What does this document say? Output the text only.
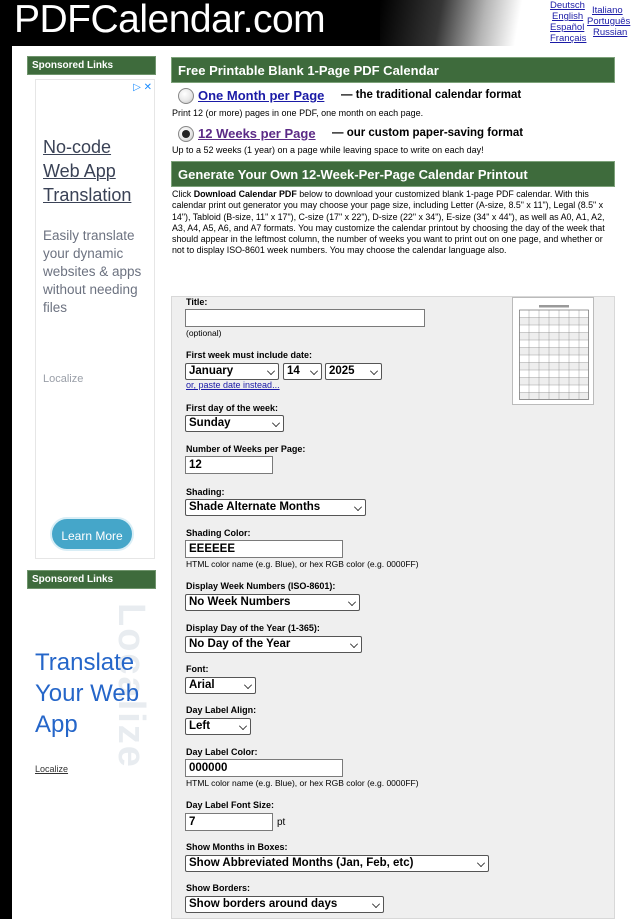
PDFCalendar.com	Deutsch
English
Español
Français
Italiano
Português
Russian
Sponsored Links
▷ ✕
No-code
Web App
Translation
Easily translate your dynamic websites & apps without needing files
Localize
Learn More
Sponsored Links
Localize
Translate Your Web App
Localize
Free Printable Blank 1-Page PDF Calendar
One Month per Page — the traditional calendar format
Print 12 (or more) pages in one PDF, one month on each page.
12 Weeks per Page — our custom paper-saving format
Up to a 52 weeks (1 year) on a page while leaving space to write on each day!
Generate Your Own 12-Week-Per-Page Calendar Printout
Click Download Calendar PDF below to download your customized blank 1-page PDF calendar. With this calendar print out generator you may choose your page size, including Letter (A-size, 8.5" x 11"), Legal (8.5" x 14"), Tabloid (B-size, 11" x 17"), C-size (17" x 22"), D-size (22" x 34"), E-size (34" x 44"), as well as A0, A1, A2, A3, A4, A5, A6, and A7 formats. You may customize the calendar printout by choosing the day of the week that should appear in the leftmost column, the number of weeks you want to print out on one page, and whether or not to display ISO-8601 week numbers. You may choose the calendar language also.
Title:
(optional)
First week must include date:
January	14	2025
or, paste date instead...
First day of the week:
Sunday
Number of Weeks per Page:
12
Shading:
Shade Alternate Months
Shading Color:
EEEEEE
HTML color name (e.g. Blue), or hex RGB color (e.g. 0000FF)
Display Week Numbers (ISO-8601):
No Week Numbers
Display Day of the Year (1-365):
No Day of the Year
Font:
Arial
Day Label Align:
Left
Day Label Color:
000000
HTML color name (e.g. Blue), or hex RGB color (e.g. 0000FF)
Day Label Font Size:
7
pt
Show Months in Boxes:
Show Abbreviated Months (Jan, Feb, etc)
Show Borders:
Show borders around days
